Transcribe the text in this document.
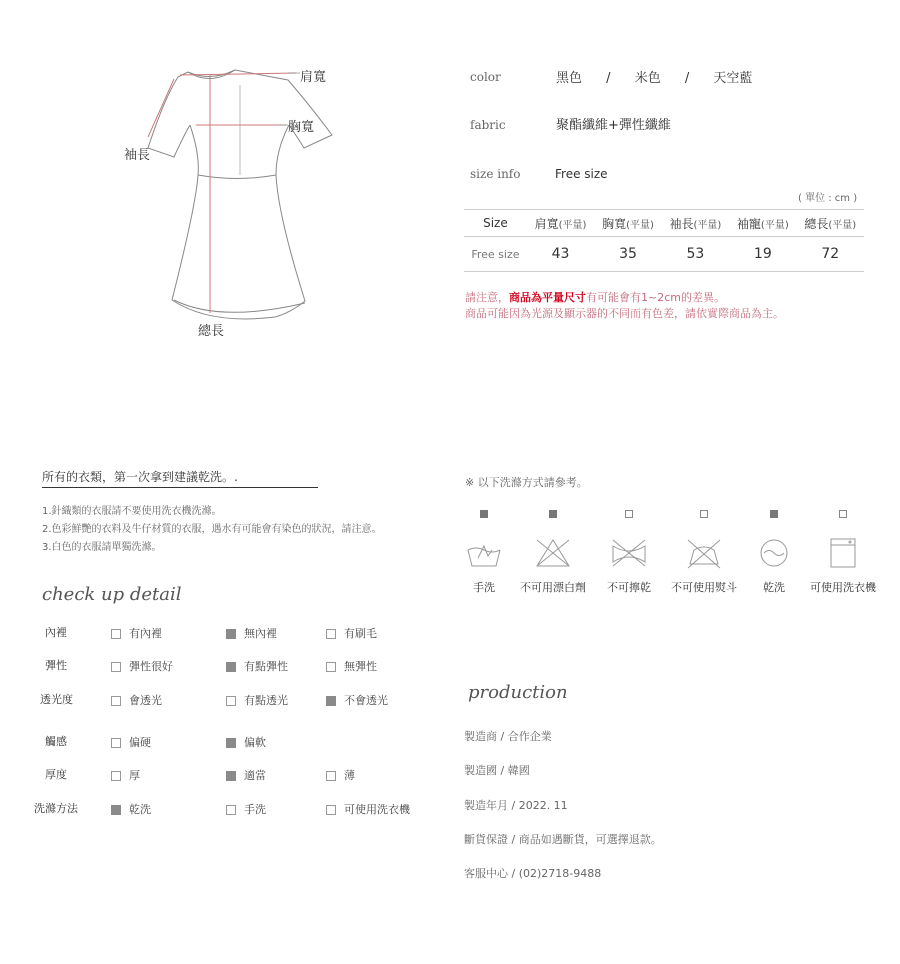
肩寬
胸寬
袖長
總長
color	黑色 / 米色 / 天空藍
fabric	聚酯纖維+彈性纖維
size info	Free size
( 單位 : cm )
Size	肩寬(平量)	胸寬(平量)	袖長(平量)	袖寵(平量)	總長(平量)
Free size	43	35	53	19	72
請注意，商品為平量尺寸有可能會有1~2cm的差異。
商品可能因為光源及顯示器的不同而有色差，請依實際商品為主。
所有的衣類，第一次拿到建議乾洗。.
1.針織類的衣服請不要使用洗衣機洗滌。
2.色彩鮮艷的衣料及牛仔材質的衣服，遇水有可能會有染色的狀況，請注意。
3.白色的衣服請單獨洗滌。
check up detail
內裡	有內裡	無內裡	有刷毛
彈性	彈性很好	有點彈性	無彈性
透光度	會透光	有點透光	不會透光
觸感	偏硬	偏軟
厚度	厚	適當	薄
洗滌方法	乾洗	手洗	可使用洗衣機
※ 以下洗滌方式請參考。
手洗	不可用漂白劑	不可擰乾	不可使用熨斗	乾洗	可使用洗衣機
production
製造商 / 合作企業
製造國 / 韓國
製造年月 / 2022. 11
斷貨保證 / 商品如遇斷貨，可選擇退款。
客服中心 / (02)2718-9488
